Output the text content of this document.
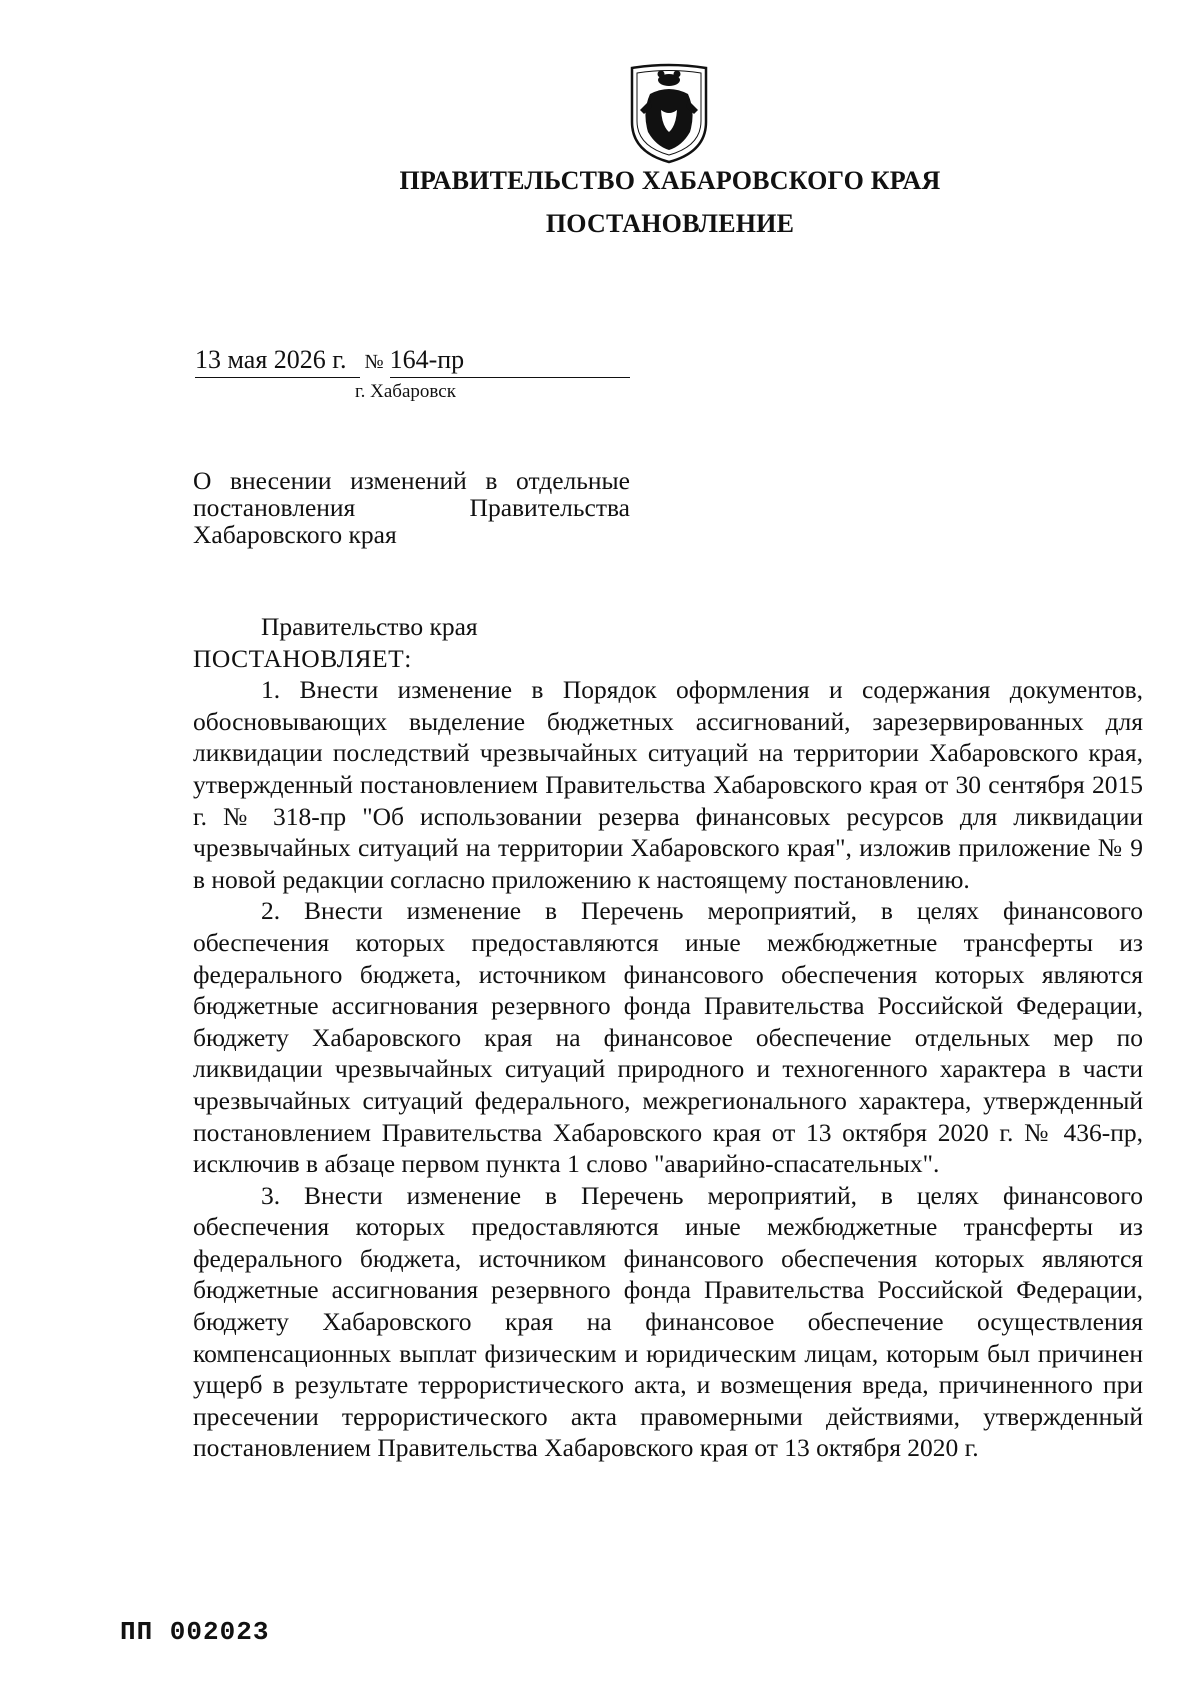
ПРАВИТЕЛЬСТВО ХАБАРОВСКОГО КРАЯ
ПОСТАНОВЛЕНИЕ
13 мая 2026 г. № 164-пр
г. Хабаровск
О внесении изменений в отдельные
постановления Правительства
Хабаровского края

Правительство края

ПОСТАНОВЛЯЕТ:

1. Внести изменение в Порядок оформления и содержания документов, обосновывающих выделение бюджетных ассигнований, зарезервированных для ликвидации последствий чрезвычайных ситуаций на территории Хабаровского края, утвержденный постановлением Правительства Хабаровского края от 30 сентября 2015 г. № 318-пр "Об использовании резерва финансовых ресурсов для ликвидации чрезвычайных ситуаций на территории Хабаровского края", изложив приложение № 9 в новой редакции согласно приложению к настоящему постановлению.

2. Внести изменение в Перечень мероприятий, в целях финансового обеспечения которых предоставляются иные межбюджетные трансферты из федерального бюджета, источником финансового обеспечения которых являются бюджетные ассигнования резервного фонда Правительства Российской Федерации, бюджету Хабаровского края на финансовое обеспечение отдельных мер по ликвидации чрезвычайных ситуаций природного и техногенного характера в части чрезвычайных ситуаций федерального, межрегионального характера, утвержденный постановлением Правительства Хабаровского края от 13 октября 2020 г. № 436-пр, исключив в абзаце первом пункта 1 слово "аварийно-спасательных".

3. Внести изменение в Перечень мероприятий, в целях финансового обеспечения которых предоставляются иные межбюджетные трансферты из федерального бюджета, источником финансового обеспечения которых являются бюджетные ассигнования резервного фонда Правительства Российской Федерации, бюджету Хабаровского края на финансовое обеспечение осуществления компенсационных выплат физическим и юридическим лицам, которым был причинен ущерб в результате террористического акта, и возмещения вреда, причиненного при пресечении террористического акта правомерными действиями, утвержденный постановлением Правительства Хабаровского края от 13 октября 2020 г.

ПП 002023
